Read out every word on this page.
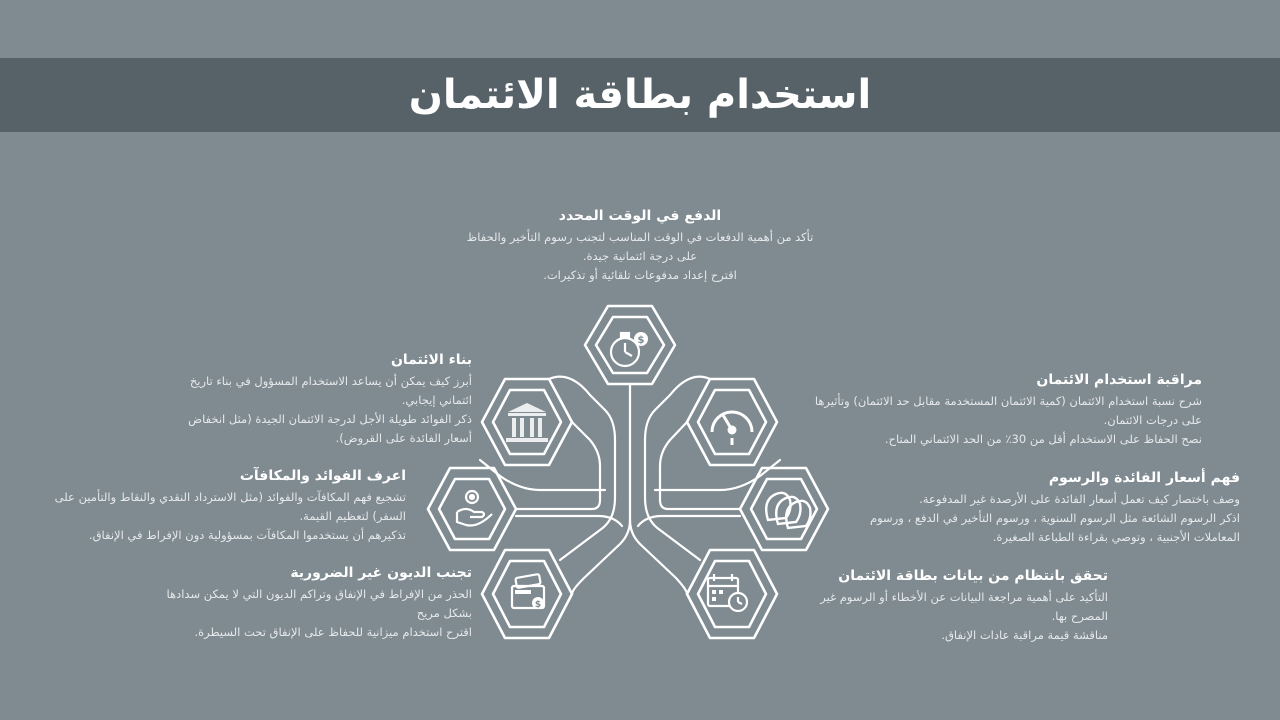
استخدام بطاقة الائتمان
$
$
الدفع في الوقت المحدد

تأكد من أهمية الدفعات في الوقت المناسب لتجنب رسوم التأخير والحفاظ

على درجة ائتمانية جيدة.

اقترح إعداد مدفوعات تلقائية أو تذكيرات.

بناء الائتمان

أبرز كيف يمكن أن يساعد الاستخدام المسؤول في بناء تاريخ

ائتماني إيجابي.

ذكر الفوائد طويلة الأجل لدرجة الائتمان الجيدة (مثل انخفاض

أسعار الفائدة على القروض).

اعرف الفوائد والمكافآت

تشجيع فهم المكافآت والفوائد (مثل الاسترداد النقدي والنقاط والتأمين على

السفر) لتعظيم القيمة.

تذكيرهم أن يستخدموا المكافآت بمسؤولية دون الإفراط في الإنفاق.

تجنب الديون غير الضرورية

الحذر من الإفراط في الإنفاق وتراكم الديون التي لا يمكن سدادها

بشكل مريح

اقترح استخدام ميزانية للحفاظ على الإنفاق تحت السيطرة.

مراقبة استخدام الائتمان

شرح نسبة استخدام الائتمان (كمية الائتمان المستخدمة مقابل حد الائتمان) وتأثيرها

على درجات الائتمان.

نصح الحفاظ على الاستخدام أقل من 30٪ من الحد الائتماني المتاح.

فهم أسعار الفائدة والرسوم

وصف باختصار كيف تعمل أسعار الفائدة على الأرصدة غير المدفوعة.

اذكر الرسوم الشائعة مثل الرسوم السنوية ، ورسوم التأخير في الدفع ، ورسوم

المعاملات الأجنبية ، وتوصي بقراءة الطباعة الصغيرة.

تحقق بانتظام من بيانات بطاقة الائتمان

التأكيد على أهمية مراجعة البيانات عن الأخطاء أو الرسوم غير

المصرح بها.

مناقشة قيمة مراقبة عادات الإنفاق.
